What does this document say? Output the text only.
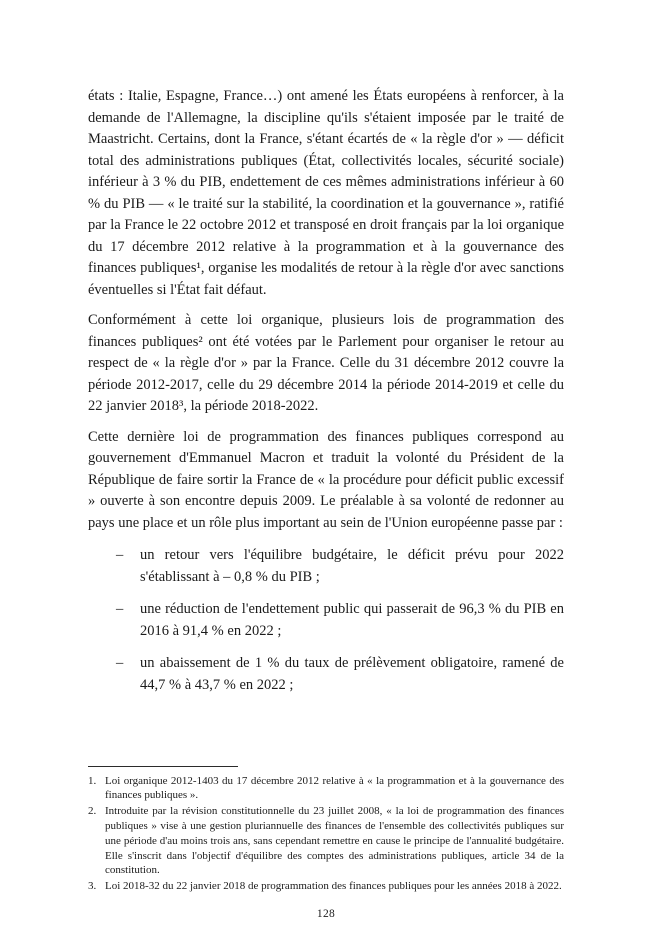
états : Italie, Espagne, France…) ont amené les États européens à renforcer, à la demande de l'Allemagne, la discipline qu'ils s'étaient imposée par le traité de Maastricht. Certains, dont la France, s'étant écartés de « la règle d'or » — déficit total des administrations publiques (État, collectivités locales, sécurité sociale) inférieur à 3 % du PIB, endettement de ces mêmes administrations inférieur à 60 % du PIB — « le traité sur la stabilité, la coordination et la gouvernance », ratifié par la France le 22 octobre 2012 et transposé en droit français par la loi organique du 17 décembre 2012 relative à la programmation et à la gouvernance des finances publiques¹, organise les modalités de retour à la règle d'or avec sanctions éventuelles si l'État fait défaut.

Conformément à cette loi organique, plusieurs lois de programmation des finances publiques² ont été votées par le Parlement pour organiser le retour au respect de « la règle d'or » par la France. Celle du 31 décembre 2012 couvre la période 2012-2017, celle du 29 décembre 2014 la période 2014-2019 et celle du 22 janvier 2018³, la période 2018-2022.

Cette dernière loi de programmation des finances publiques correspond au gouvernement d'Emmanuel Macron et traduit la volonté du Président de la République de faire sortir la France de « la procédure pour déficit public excessif » ouverte à son encontre depuis 2009. Le préalable à sa volonté de redonner au pays une place et un rôle plus important au sein de l'Union européenne passe par :

–	un retour vers l'équilibre budgétaire, le déficit prévu pour 2022 s'établissant à – 0,8 % du PIB ;
–	une réduction de l'endettement public qui passerait de 96,3 % du PIB en 2016 à 91,4 % en 2022 ;
–	un abaissement de 1 % du taux de prélèvement obligatoire, ramené de 44,7 % à 43,7 % en 2022 ;
1. Loi organique 2012-1403 du 17 décembre 2012 relative à « la programmation et à la gouvernance des finances publiques ».
2. Introduite par la révision constitutionnelle du 23 juillet 2008, « la loi de programmation des finances publiques » vise à une gestion pluriannuelle des finances de l'ensemble des collectivités publiques sur une période d'au moins trois ans, sans cependant remettre en cause le principe de l'annualité budgétaire. Elle s'inscrit dans l'objectif d'équilibre des comptes des administrations publiques, article 34 de la constitution.
3. Loi 2018-32 du 22 janvier 2018 de programmation des finances publiques pour les années 2018 à 2022.
128
